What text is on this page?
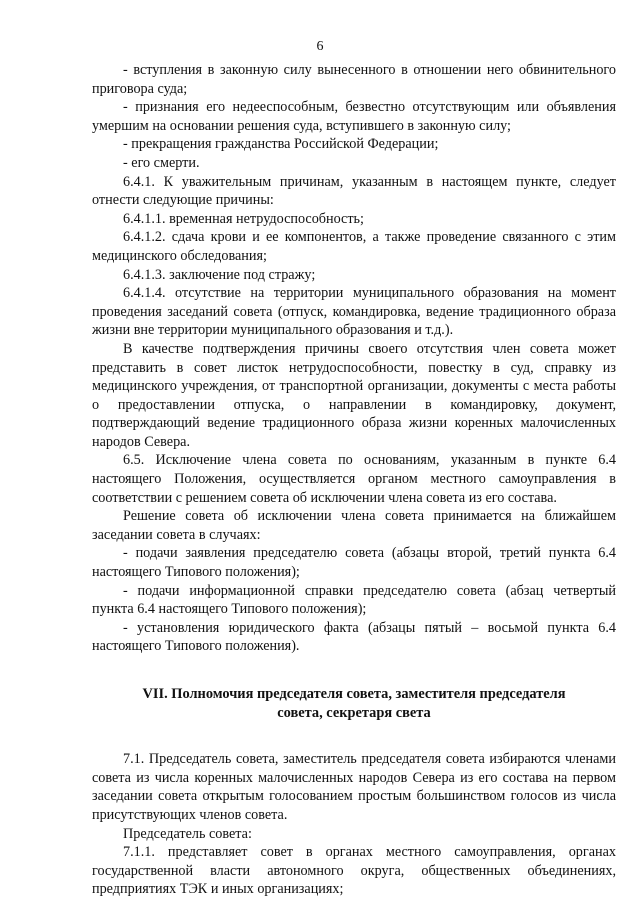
6

- вступления в законную силу вынесенного в отношении него обвинительного приговора суда;

- признания его недееспособным, безвестно отсутствующим или объявления умершим на основании решения суда, вступившего в законную силу;

- прекращения гражданства Российской Федерации;

- его смерти.

6.4.1. К уважительным причинам, указанным в настоящем пункте, следует отнести следующие причины:

6.4.1.1. временная нетрудоспособность;

6.4.1.2. сдача крови и ее компонентов, а также проведение связанного с этим медицинского обследования;

6.4.1.3. заключение под стражу;

6.4.1.4. отсутствие на территории муниципального образования на момент проведения заседаний совета (отпуск, командировка, ведение традиционного образа жизни вне территории муниципального образования и т.д.).

В качестве подтверждения причины своего отсутствия член совета может представить в совет листок нетрудоспособности, повестку в суд, справку из медицинского учреждения, от транспортной организации, документы с места работы о предоставлении отпуска, о направлении в командировку, документ, подтверждающий ведение традиционного образа жизни коренных малочисленных народов Севера.

6.5. Исключение члена совета по основаниям, указанным в пункте 6.4 настоящего Положения, осуществляется органом местного самоуправления в соответствии с решением совета об исключении члена совета из его состава.

Решение совета об исключении члена совета принимается на ближайшем заседании совета в случаях:

- подачи заявления председателю совета (абзацы второй, третий пункта 6.4 настоящего Типового положения);

- подачи информационной справки председателю совета (абзац четвертый пункта 6.4 настоящего Типового положения);

- установления юридического факта (абзацы пятый – восьмой пункта 6.4 настоящего Типового положения).

VII. Полномочия председателя совета, заместителя председателя
совета, секретаря света

7.1. Председатель совета, заместитель председателя совета избираются членами совета из числа коренных малочисленных народов Севера из его состава на первом заседании совета открытым голосованием простым большинством голосов из числа присутствующих членов совета.

Председатель совета:

7.1.1. представляет совет в органах местного самоуправления, органах государственной власти автономного округа, общественных объединениях, предприятиях ТЭК и иных организациях;
